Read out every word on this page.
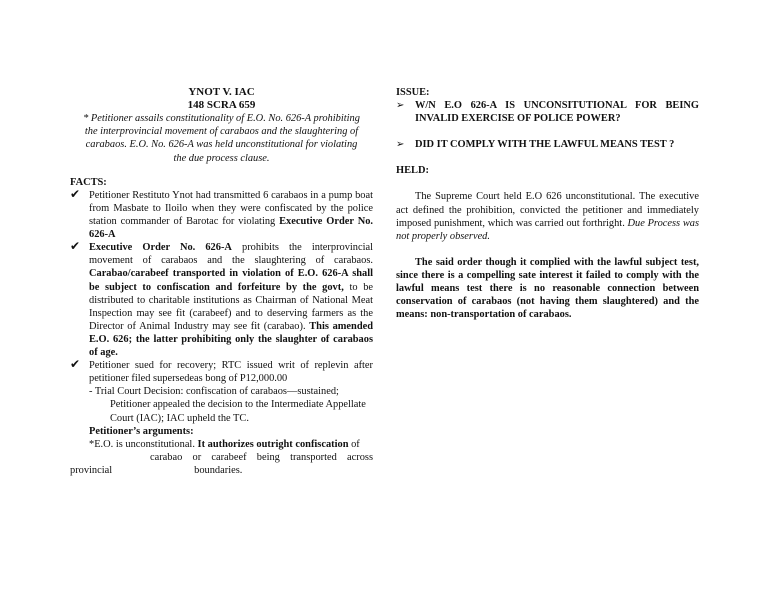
YNOT V. IAC
148 SCRA 659
* Petitioner assails constitutionality of E.O. No. 626-A prohibiting the interprovincial movement of carabaos and the slaughtering of carabaos. E.O. No. 626-A was held unconstitutional for violating the due process clause.
FACTS:
✔ Petitioner Restituto Ynot had transmitted 6 carabaos in a pump boat from Masbate to Iloilo when they were confiscated by the police station commander of Barotac for violating Executive Order No. 626-A
✔ Executive Order No. 626-A prohibits the interprovincial movement of carabaos and the slaughtering of carabaos. Carabao/carabeef transported in violation of E.O. 626-A shall be subject to confiscation and forfeiture by the govt, to be distributed to charitable institutions as Chairman of National Meat Inspection may see fit (carabeef) and to deserving farmers as the Director of Animal Industry may see fit (carabao). This amended E.O. 626; the latter prohibiting only the slaughter of carabaos of age.
✔ Petitioner sued for recovery; RTC issued writ of replevin after petitioner filed supersedeas bong of P12,000.00
- Trial Court Decision: confiscation of carabaos—sustained;
Petitioner appealed the decision to the Intermediate Appellate Court (IAC); IAC upheld the TC.
Petitioner’s arguments:
*E.O. is unconstitutional. It authorizes outright confiscation of
carabao or carabeef being transported across
provincial	boundaries.
ISSUE:
➢ W/N E.O 626-A IS UNCONSITUTIONAL FOR BEING INVALID EXERCISE OF POLICE POWER?
➢ DID IT COMPLY WITH THE LAWFUL MEANS TEST ?
HELD:
The Supreme Court held E.O 626 unconstitutional. The executive act defined the prohibition, convicted the petitioner and immediately imposed punishment, which was carried out forthright. Due Process was not properly observed.
The said order though it complied with the lawful subject test, since there is a compelling sate interest it failed to comply with the lawful means test there is no reasonable connection between conservation of carabaos (not having them slaughtered) and the means: non-transportation of carabaos.
